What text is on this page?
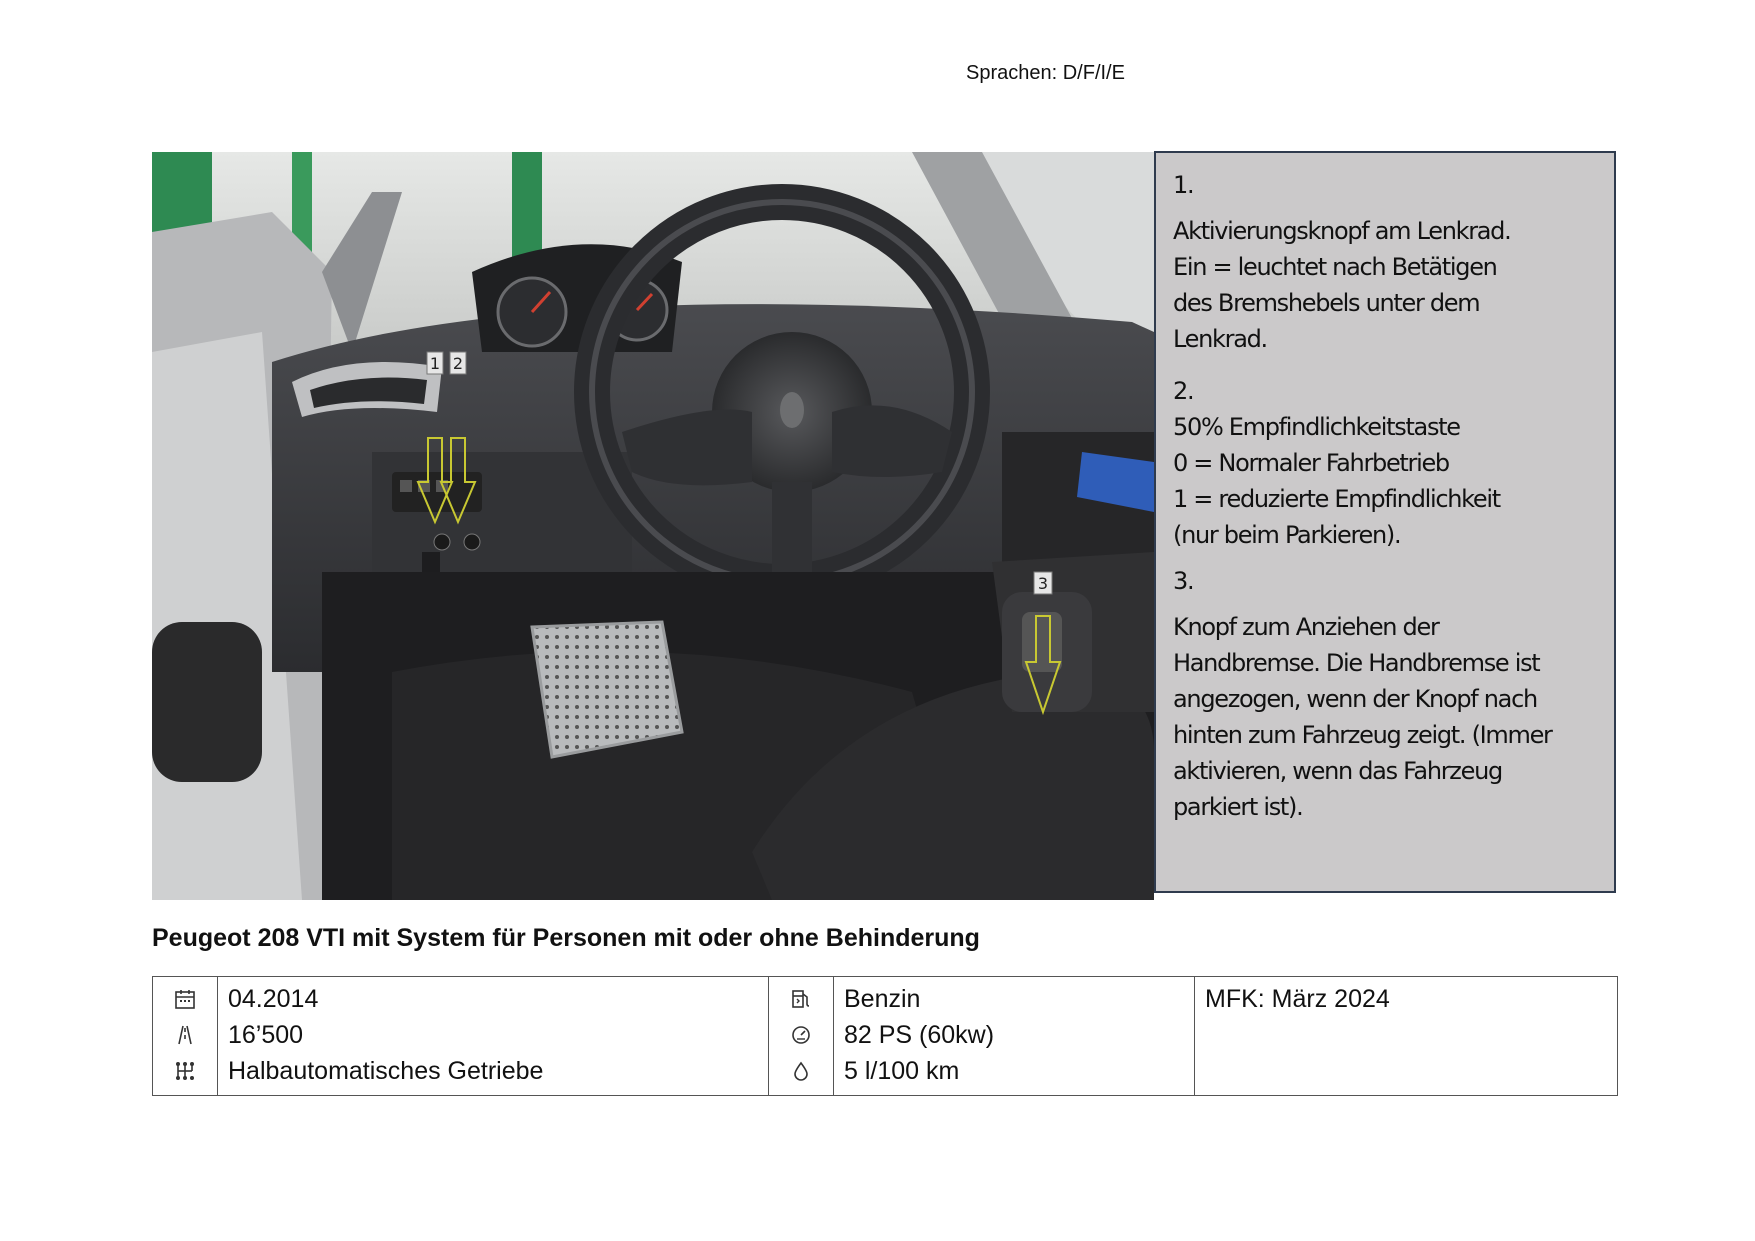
Sprachen: D/F/I/E
1 2
3

1.

Aktivierungsknopf am Lenkrad.

Ein = leuchtet nach Betätigen

des Bremshebels unter dem

Lenkrad.

2.

50% Empfindlichkeitstaste

0 = Normaler Fahrbetrieb

1 = reduzierte Empfindlichkeit

(nur beim Parkieren).

3.

Knopf zum Anziehen der

Handbremse. Die Handbremse ist

angezogen, wenn der Knopf nach

hinten zum Fahrzeug zeigt. (Immer

aktivieren, wenn das Fahrzeug

parkiert ist).

Peugeot 208 VTI mit System für Personen mit oder ohne Behinderung

04.2014
16’500
Halbautomatisches Getriebe

Benzin
82 PS (60kw)
5 l/100 km

MFK: März 2024
